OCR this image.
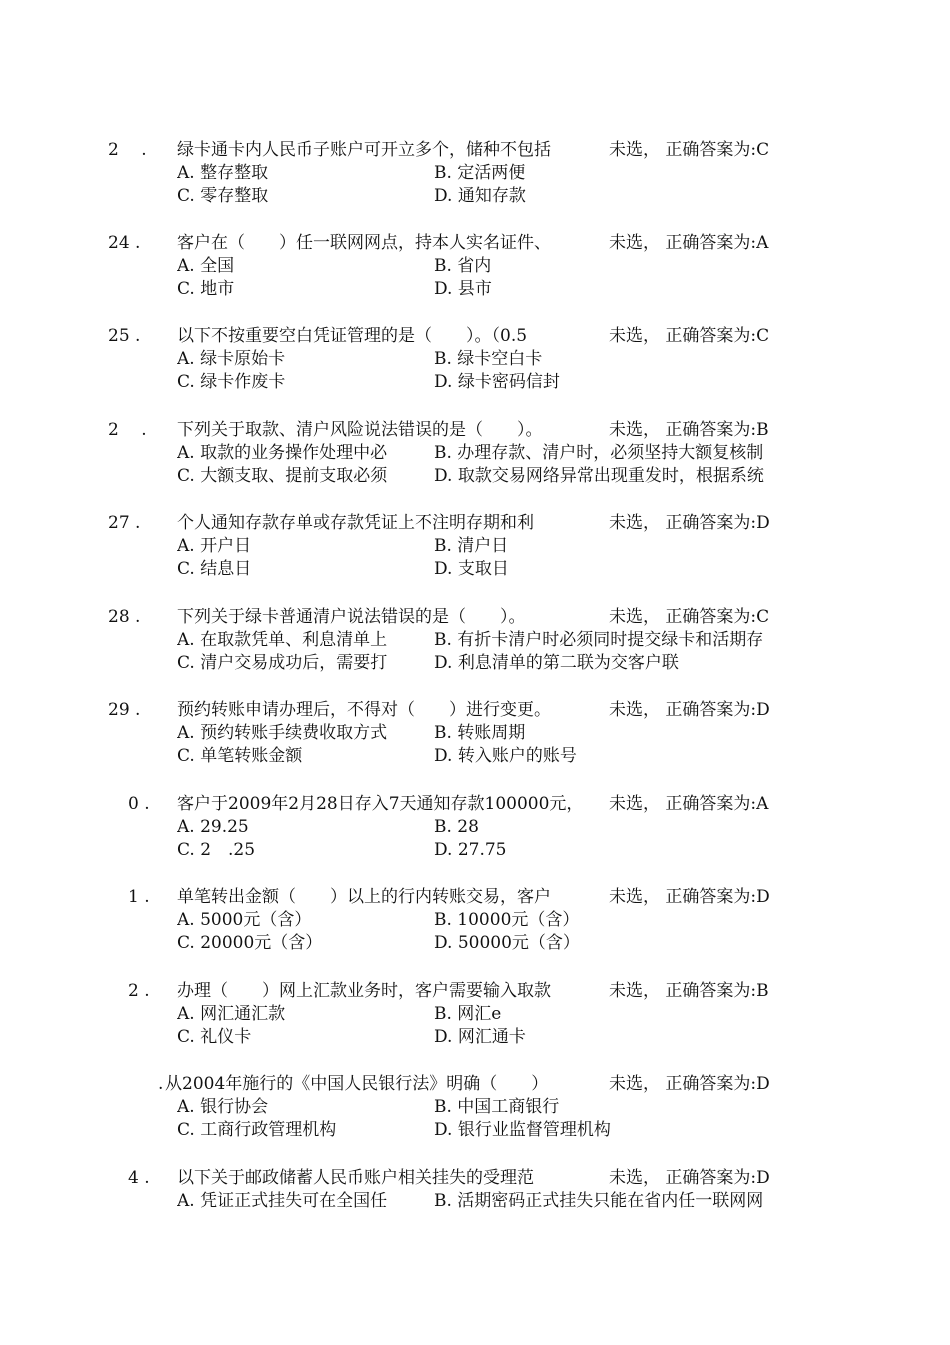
2 　.	绿卡通卡内人民币子账户可开立多个，储种不包括	未选， 正确答案为:C
A. 整存整取	B. 定活两便
C. 零存整取	D. 通知存款
24 .	客户在（　　）任一联网网点，持本人实名证件、	未选， 正确答案为:A
A. 全国	B. 省内
C. 地市	D. 县市
25 .	以下不按重要空白凭证管理的是（　　）。（0.5	未选， 正确答案为:C
A. 绿卡原始卡	B. 绿卡空白卡
C. 绿卡作废卡	D. 绿卡密码信封
2 　.	下列关于取款、清户风险说法错误的是（　　）。	未选， 正确答案为:B
A. 取款的业务操作处理中必	B. 办理存款、清户时，必须坚持大额复核制
C. 大额支取、提前支取必须	D. 取款交易网络异常出现重发时，根据系统
27 .	个人通知存款存单或存款凭证上不注明存期和利	未选， 正确答案为:D
A. 开户日	B. 清户日
C. 结息日	D. 支取日
28 .	下列关于绿卡普通清户说法错误的是（　　）。	未选， 正确答案为:C
A. 在取款凭单、利息清单上	B. 有折卡清户时必须同时提交绿卡和活期存
C. 清户交易成功后，需要打	D. 利息清单的第二联为交客户联
29 .	预约转账申请办理后，不得对（　　）进行变更。	未选， 正确答案为:D
A. 预约转账手续费收取方式	B. 转账周期
C. 单笔转账金额	D. 转入账户的账号
0 .	客户于2009年2月28日存入7天通知存款100000元，	未选， 正确答案为:A
A. 29.25	B. 28
C. 2　.25	D. 27.75
1 .	单笔转出金额（　　）以上的行内转账交易，客户	未选， 正确答案为:D
A. 5000元（含）	B. 10000元（含）
C. 20000元（含）	D. 50000元（含）
2 .	办理（　　）网上汇款业务时，客户需要输入取款	未选， 正确答案为:B
A. 网汇通汇款	B. 网汇e
C. 礼仪卡	D. 网汇通卡
. 从2004年施行的《中国人民银行法》明确（　　）	未选， 正确答案为:D
A. 银行协会	B. 中国工商银行
C. 工商行政管理机构	D. 银行业监督管理机构
4 .	以下关于邮政储蓄人民币账户相关挂失的受理范	未选， 正确答案为:D
A. 凭证正式挂失可在全国任	B. 活期密码正式挂失只能在省内任一联网网
